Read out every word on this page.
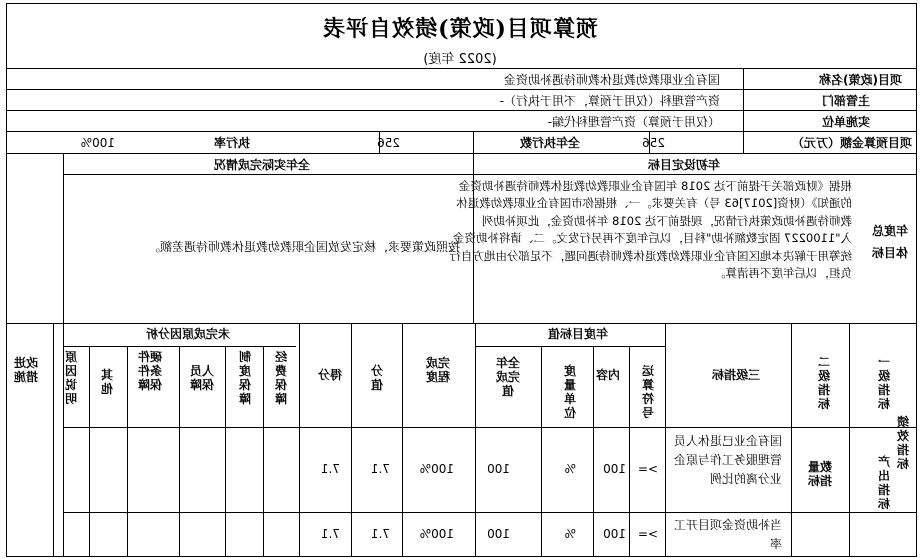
预算项目(政策)绩效自评表
(2022 年度)
项目(政策)名称
国有企业职教幼教退休教师待遇补助资金
主管部门
资产管理科（仅用于预算，不用于执行）-
实施单位
（仅用于预算）资产管理科代编-
项目预算金额（万元）
256
全年执行数
256
执行率
100%
年度总体目标
年初设定目标
全年实际完成情况
根据《财政部关于提前下达 2018 年国有企业职教幼教退休教师待遇补助资金的通知》（财资[2017]63 号）有关要求。一、根据你市国有企业职教幼教退休教师待遇补助政策执行情况，现提前下达 2018 年补助资金，此项补助列入"1100227 固定数额补助"科目，以后年度不再另行发文。二、请将补助资金统筹用于解决本地区国有企业职教幼教退休教师待遇问题，不足部分由地方自行负担，以后年度不再清算。
按照政策要求，核定发放国企职教幼教退休教师待遇差额。
绩效指标
一级指标
二级指标
三级指标
年度目标值
运算符号
内容
度量单位
全年完成值
完成程度
分值
得分
未完成原因分析
经费保障
制度保障
人员保障
硬件条件保障
其他
原因说明
改进措施
产出指标
数量指标
国有企业已退休人员管理服务工作与原企业分离的比例
>=
100
%
100
100%
7.1
7.1
当补助资金项目开工率
>=
100
%
100
100%
7.1
7.1
